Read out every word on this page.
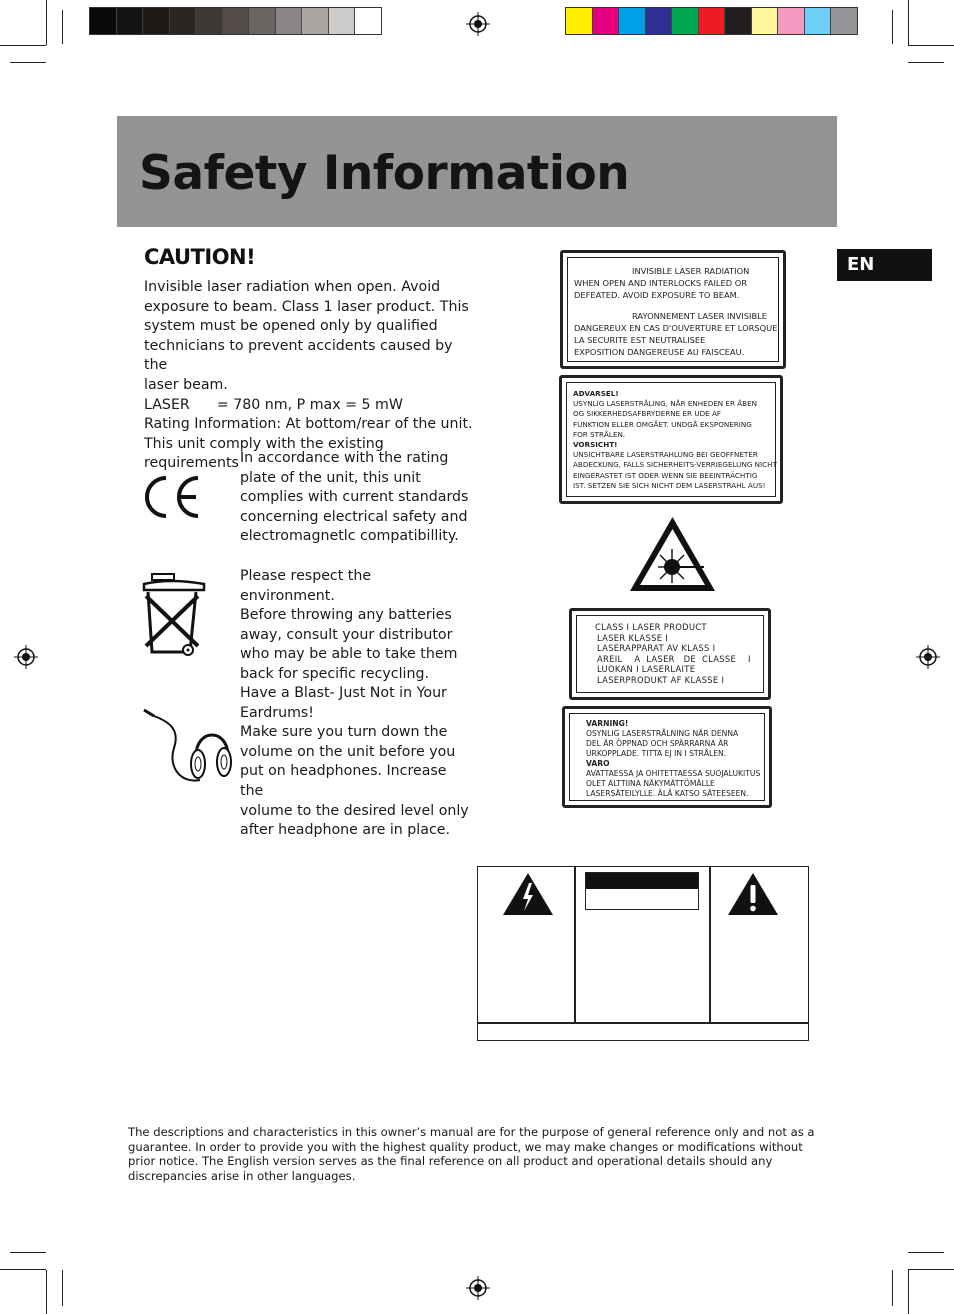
Safety Information
EN
CAUTION!
Invisible laser radiation when open. Avoid
exposure to beam. Class 1 laser product. This
system must be opened only by qualified
technicians to prevent accidents caused by the
laser beam.
LASER      = 780 nm, P max = 5 mW
Rating Information: At bottom/rear of the unit.
This unit comply with the existing requirements In accordance with the rating
plate of the unit, this unit
complies with current standards
concerning electrical safety and
electromagnetlc compatibillity.
Please respect the environment.
Before throwing any batteries
away, consult your distributor
who may be able to take them
back for specific recycling.
Have a Blast- Just Not in Your
Eardrums!
Make sure you turn down the
volume on the unit before you
put on headphones. Increase the
volume to the desired level only
after headphone are in place.
INVISIBLE LASER RADIATION
WHEN OPEN AND INTERLOCKS FAILED OR
DEFEATED. AVOID EXPOSURE TO BEAM.
RAYONNEMENT LASER INVISIBLE
DANGEREUX EN CAS D'OUVERTURE ET LORSQUE
LA SECURITE EST NEUTRALISEE
EXPOSITION DANGEREUSE AU FAISCEAU.
ADVARSEL!
USYNLIG LASERSTRÅLING, NÅR ENHEDEN ER ÅBEN
OG SIKKERHEDSAFBRYDERNE ER UDE AF
FUNKTION ELLER OMGÅET. UNDGÅ EKSPONERING
FOR STRÅLEN.
VORSICHT!
UNSICHTBARE LASERSTRAHLUNG BEI GEOFFNETER
ABDECKUNG, FALLS SICHERHEITS-VERRIEGELUNG NICHT
EINGERASTET IST ODER WENN SIE BEEINTRÄCHTIG
IST. SETZEN SIE SICH NICHT DEM LASERSTRAHL AUS!
CLASS I LASER PRODUCT
LASER KLASSE I
LASERAPPARAT AV KLASS I
AREIL    A  LASER   DE  CLASSE    I
LUOKAN I LASERLAITE
LASERPRODUKT AF KLASSE I
VARNING!
OSYNLIG LASERSTRÅLNING NÄR DENNA
DEL ÄR ÖPPNAD OCH SPÄRRARNA ÄR
URKOPPLADE. TITTA EJ IN I STRÅLEN.
VARO
AVATTAESSA JA OHITETTAESSA SUOJALUKITUS
OLET ALTTIINA NÄKYMÄTTÖMÄLLE
LASERSÄTEILYLLE. ÄLÄ KATSO SÄTEESEEN.
The descriptions and characteristics in this owner’s manual are for the purpose of general reference only and not as a
guarantee. In order to provide you with the highest quality product, we may make changes or modifications without
prior notice. The English version serves as the final reference on all product and operational details should any
discrepancies arise in other languages.
